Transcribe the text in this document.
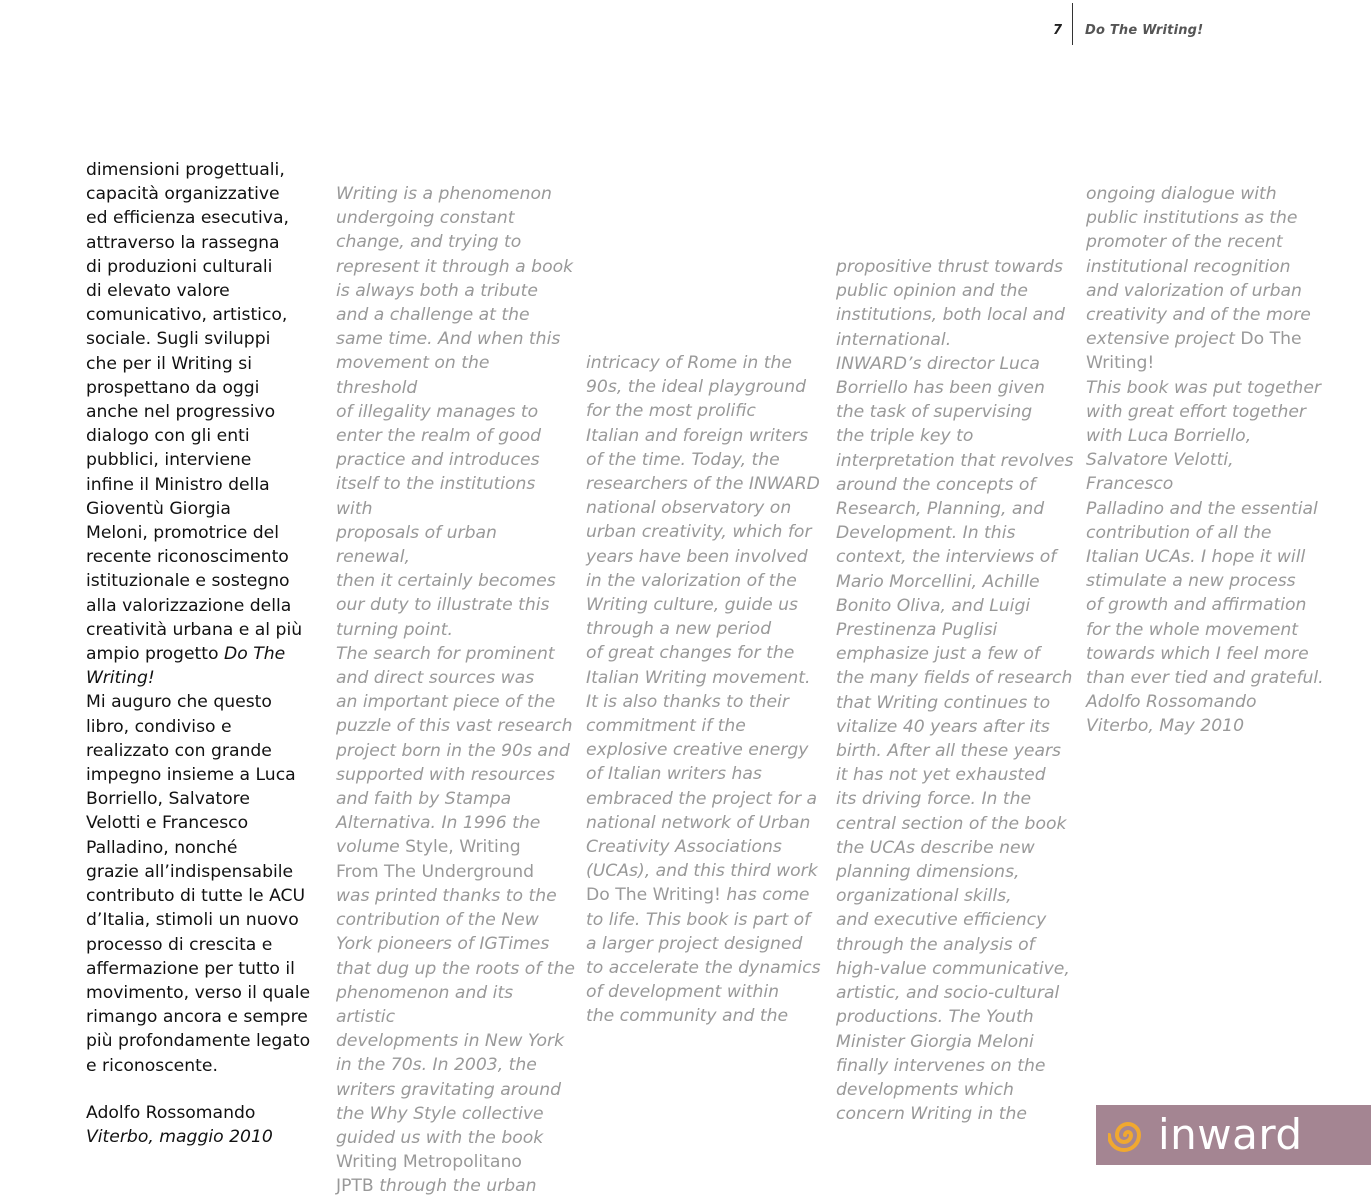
7 Do The Writing!

dimensioni progettuali,
capacità organizzative
ed efficienza esecutiva,
attraverso la rassegna
di produzioni culturali
di elevato valore
comunicativo, artistico,
sociale. Sugli sviluppi
che per il Writing si
prospettano da oggi
anche nel progressivo
dialogo con gli enti
pubblici, interviene
infine il Ministro della
Gioventù Giorgia
Meloni, promotrice del
recente riconoscimento
istituzionale e sostegno
alla valorizzazione della
creatività urbana e al più
ampio progetto Do The
Writing!
Mi auguro che questo
libro, condiviso e
realizzato con grande
impegno insieme a Luca
Borriello, Salvatore
Velotti e Francesco
Palladino, nonché
grazie all’indispensabile
contributo di tutte le ACU
d’Italia, stimoli un nuovo
processo di crescita e
affermazione per tutto il
movimento, verso il quale
rimango ancora e sempre
più profondamente legato
e riconoscente.

Adolfo Rossomando
Viterbo, maggio 2010

Writing is a phenomenon
undergoing constant
change, and trying to
represent it through a book
is always both a tribute
and a challenge at the
same time. And when this
movement on the threshold
of illegality manages to
enter the realm of good
practice and introduces
itself to the institutions with
proposals of urban renewal,
then it certainly becomes
our duty to illustrate this
turning point.
The search for prominent
and direct sources was
an important piece of the
puzzle of this vast research
project born in the 90s and
supported with resources
and faith by Stampa
Alternativa. In 1996 the
volume Style, Writing
From The Underground
was printed thanks to the
contribution of the New
York pioneers of IGTimes
that dug up the roots of the
phenomenon and its artistic
developments in New York
in the 70s. In 2003, the
writers gravitating around
the Why Style collective
guided us with the book
Writing Metropolitano
JPTB through the urban

intricacy of Rome in the
90s, the ideal playground
for the most prolific
Italian and foreign writers
of the time. Today, the
researchers of the INWARD
national observatory on
urban creativity, which for
years have been involved
in the valorization of the
Writing culture, guide us
through a new period
of great changes for the
Italian Writing movement.
It is also thanks to their
commitment if the
explosive creative energy
of Italian writers has
embraced the project for a
national network of Urban
Creativity Associations
(UCAs), and this third work
Do The Writing! has come
to life. This book is part of
a larger project designed
to accelerate the dynamics
of development within
the community and the

propositive thrust towards
public opinion and the
institutions, both local and
international.
INWARD’s director Luca
Borriello has been given
the task of supervising
the triple key to
interpretation that revolves
around the concepts of
Research, Planning, and
Development. In this
context, the interviews of
Mario Morcellini, Achille
Bonito Oliva, and Luigi
Prestinenza Puglisi
emphasize just a few of
the many fields of research
that Writing continues to
vitalize 40 years after its
birth. After all these years
it has not yet exhausted
its driving force. In the
central section of the book
the UCAs describe new
planning dimensions,
organizational skills,
and executive efficiency
through the analysis of
high-value communicative,
artistic, and socio-cultural
productions. The Youth
Minister Giorgia Meloni
finally intervenes on the
developments which
concern Writing in the

ongoing dialogue with
public institutions as the
promoter of the recent
institutional recognition
and valorization of urban
creativity and of the more
extensive project Do The
Writing!
This book was put together
with great effort together
with Luca Borriello,
Salvatore Velotti, Francesco
Palladino and the essential
contribution of all the
Italian UCAs. I hope it will
stimulate a new process
of growth and affirmation
for the whole movement
towards which I feel more
than ever tied and grateful.

Adolfo Rossomando
Viterbo, May 2010
inward
